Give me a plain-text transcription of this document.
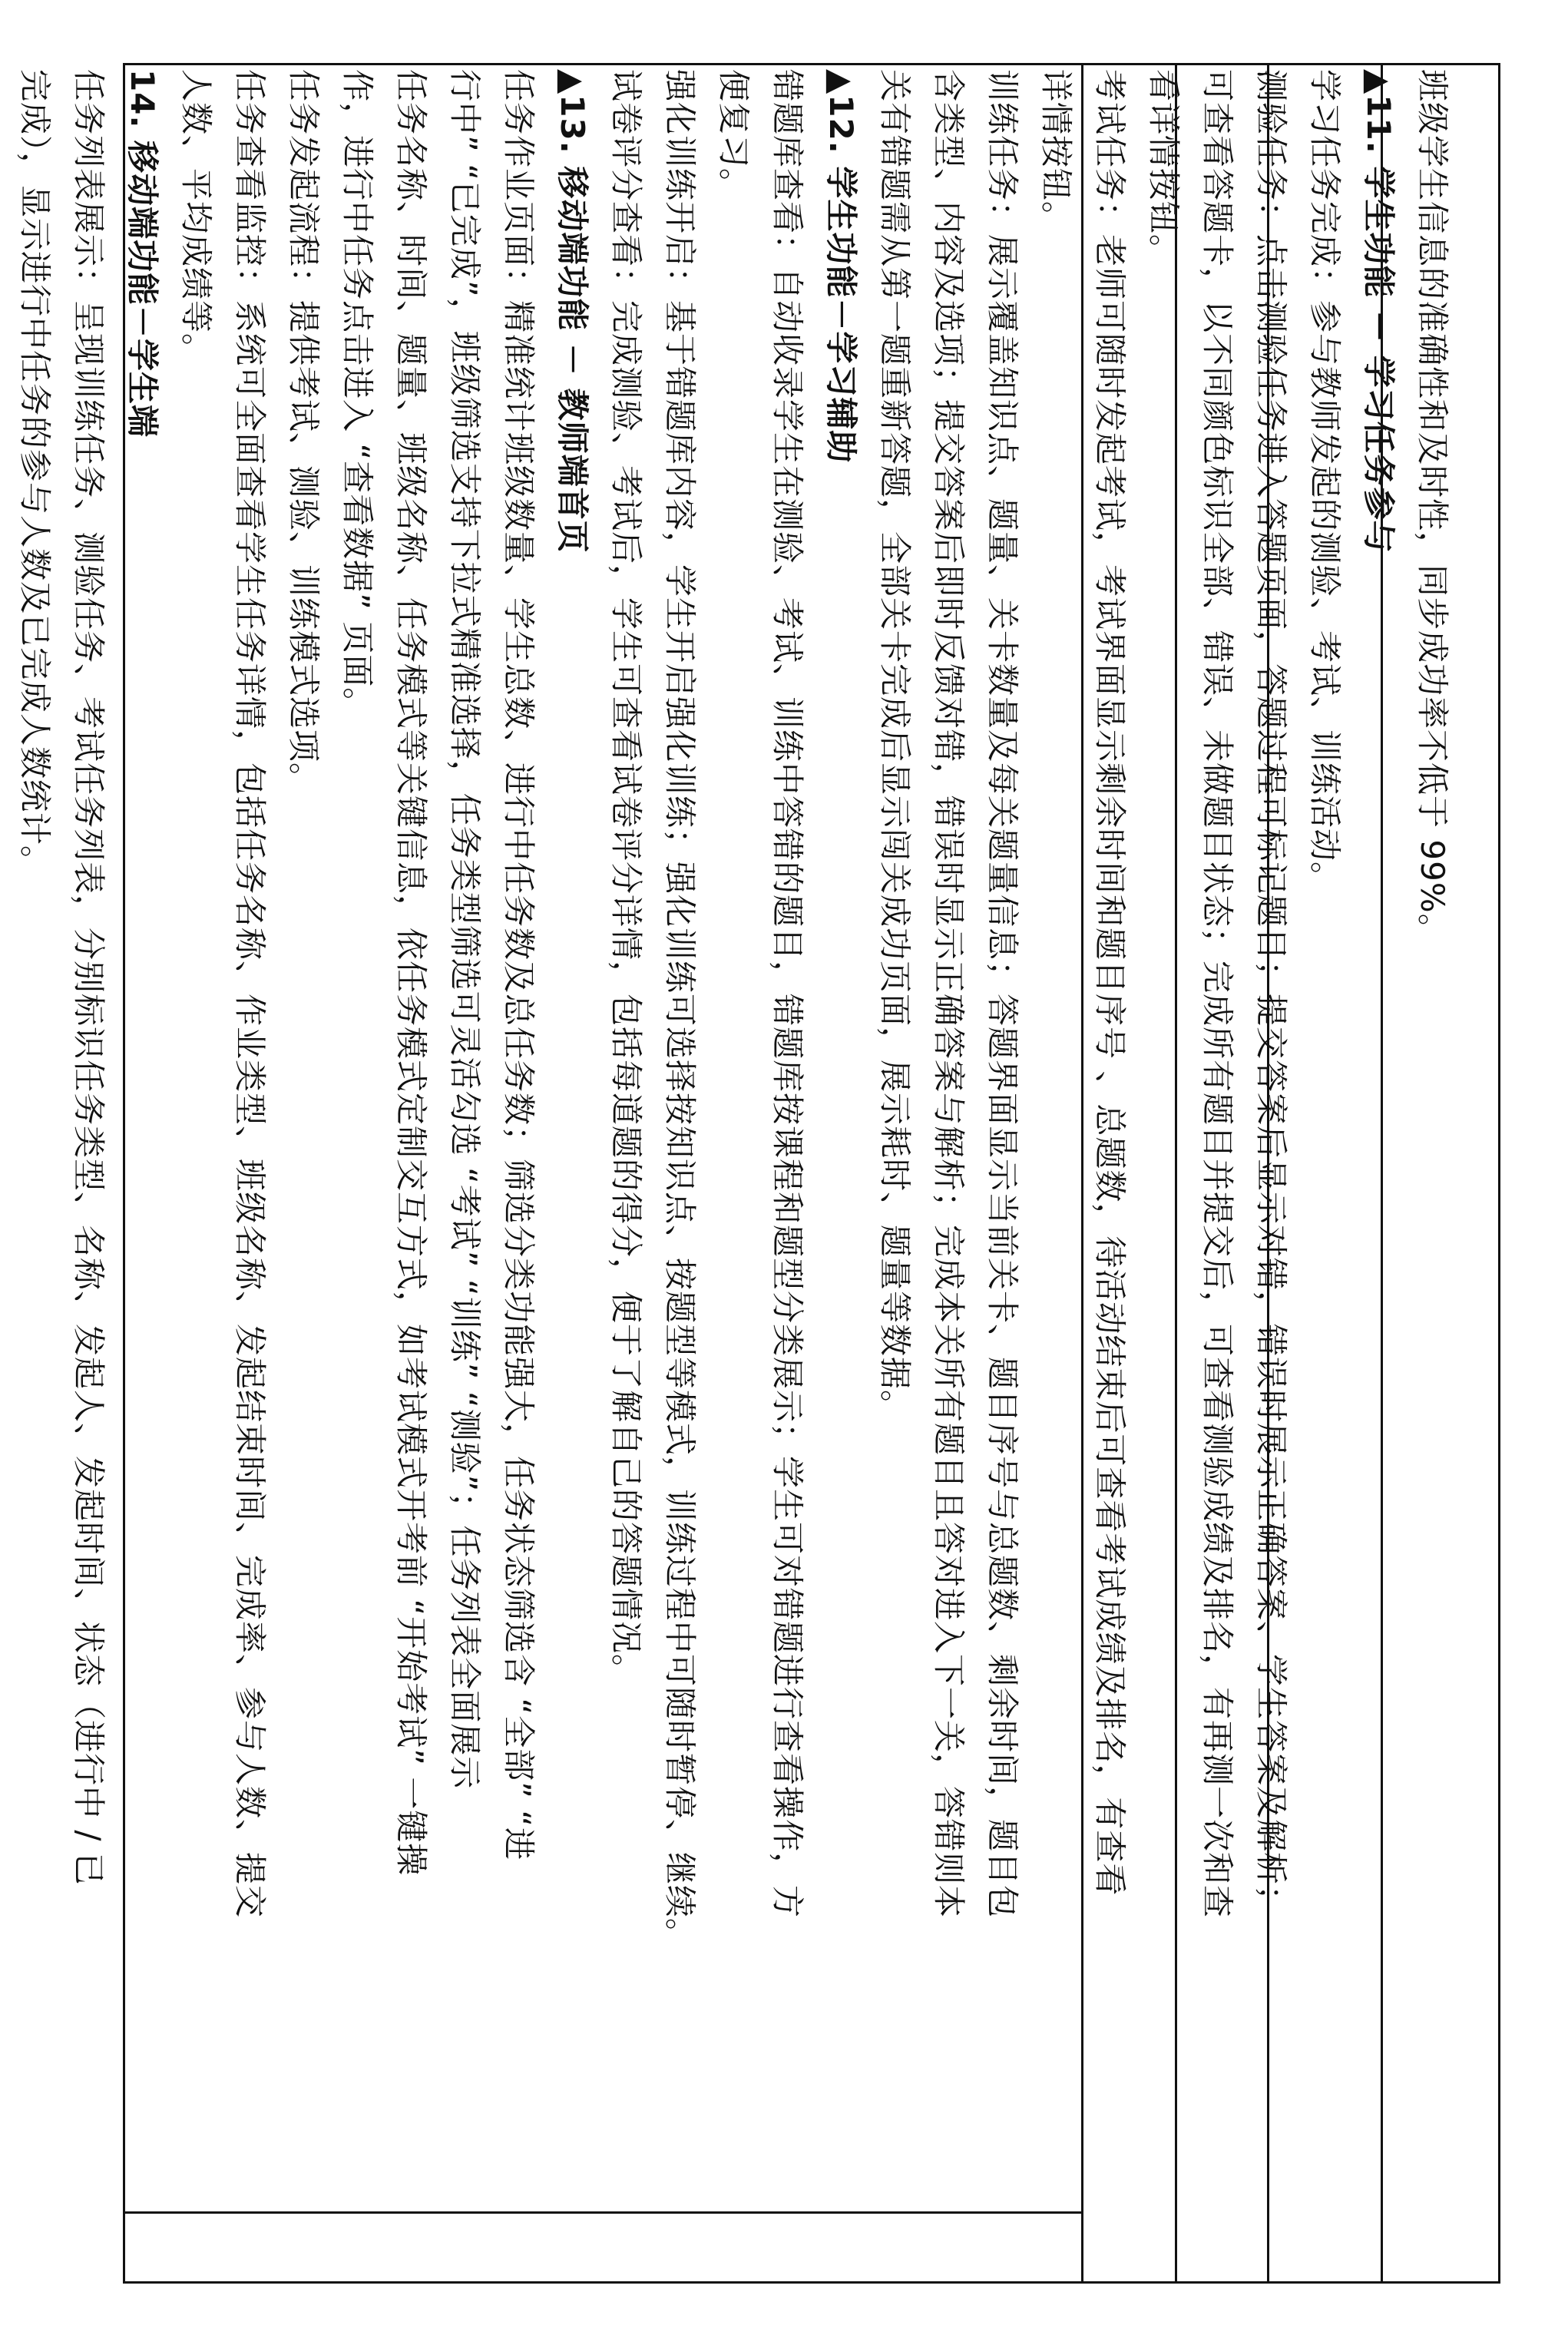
班级学生信息的准确性和及时性，同步成功率不低于 99%。
▲11. 学生功能 － 学习任务参与
学习任务完成：参与教师发起的测验、考试、训练活动。
测验任务：点击测验任务进入答题页面，答题过程可标记题目；提交答案后显示对错，错误时展示正确答案、学生答案及解析；
可查看答题卡，以不同颜色标识全部、错误、未做题目状态；完成所有题目并提交后，可查看测验成绩及排名，有再测一次和查
看详情按钮。
考试任务：老师可随时发起考试，考试界面显示剩余时间和题目序号 、总题数，待活动结束后可查看考试成绩及排名，有查看
详情按钮。
训练任务：展示覆盖知识点、题量、关卡数量及每关题量信息；答题界面显示当前关卡、题目序号与总题数、剩余时间，题目包
含类型、内容及选项；提交答案后即时反馈对错，错误时显示正确答案与解析；完成本关所有题目且答对进入下一关，答错则本
关有错题需从第一题重新答题，全部关卡完成后显示闯关成功页面，展示耗时、题量等数据。
▲12. 学生功能－学习辅助
错题库查看：自动收录学生在测验、考试、训练中答错的题目，错题库按课程和题型分类展示；学生可对错题进行查看操作，方
便复习。
强化训练开启：基于错题库内容，学生开启强化训练；强化训练可选择按知识点、按题型等模式，训练过程中可随时暂停、继续。
试卷评分查看：完成测验、考试后，学生可查看试卷评分详情，包括每道题的得分，便于了解自己的答题情况。
▲13. 移动端功能 － 教师端首页
任务作业页面：精准统计班级数量、学生总数、进行中任务数及总任务数；筛选分类功能强大，任务状态筛选含 “全部” “进
行中” “已完成”，班级筛选支持下拉式精准选择，任务类型筛选可灵活勾选 “考试” “训练” “测验”；任务列表全面展示
任务名称、时间、题量、班级名称、任务模式等关键信息，依任务模式定制交互方式，如考试模式开考前 “开始考试” 一键操
作，进行中任务点击进入 “查看数据” 页面。
任务发起流程：提供考试、测验、训练模式选项。
任务查看监控：系统可全面查看学生任务详情，包括任务名称、作业类型、班级名称、发起结束时间、完成率、参与人数、提交
人数、平均成绩等。
14. 移动端功能－学生端
任务列表展示：呈现训练任务、测验任务、考试任务列表，分别标识任务类型、名称、发起人、发起时间、状态（进行中 / 已
完成），显示进行中任务的参与人数及已完成人数统计。
